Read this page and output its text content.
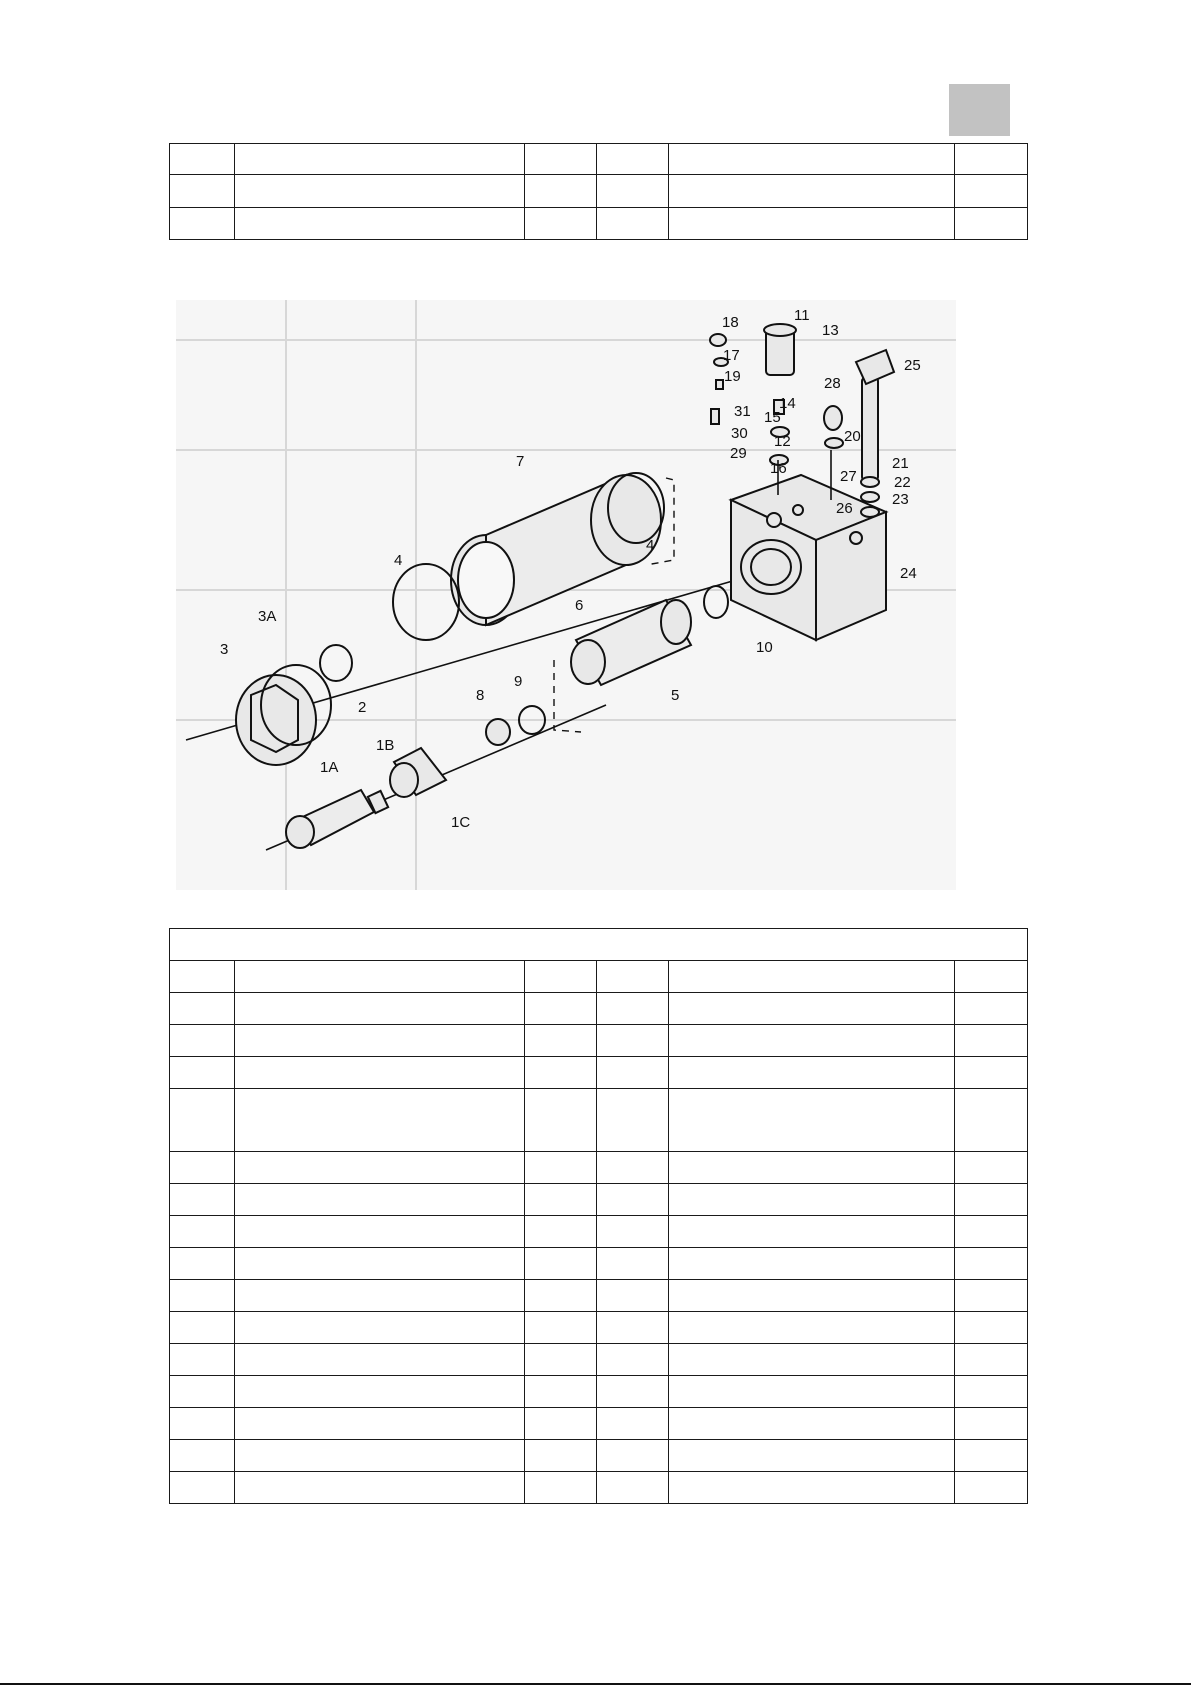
18	11
13
17
25
19	28
14
31 15
30 12	20
29
16	21
27 22
23
26
7
4
24
3A
6
10
3
2
9
8	5
1B
1A
1C
4
